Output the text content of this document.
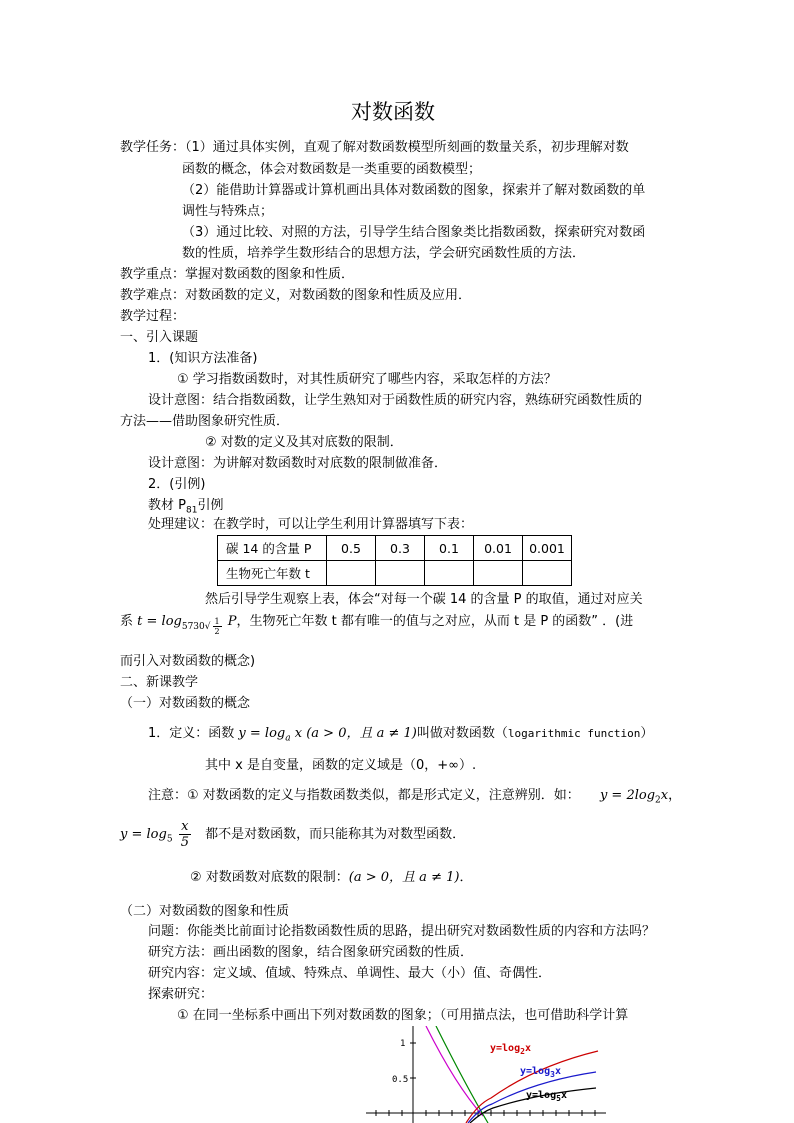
对数函数
教学任务：（1）通过具体实例，直观了解对数函数模型所刻画的数量关系，初步理解对数
函数的概念，体会对数函数是一类重要的函数模型；
（2）能借助计算器或计算机画出具体对数函数的图象，探索并了解对数函数的单
调性与特殊点；
（3）通过比较、对照的方法，引导学生结合图象类比指数函数，探索研究对数函
数的性质，培养学生数形结合的思想方法，学会研究函数性质的方法．
教学重点：掌握对数函数的图象和性质．
教学难点：对数函数的定义，对数函数的图象和性质及应用．
教学过程：
一、引入课题
1．(知识方法准备)
① 学习指数函数时，对其性质研究了哪些内容，采取怎样的方法？
设计意图：结合指数函数，让学生熟知对于函数性质的研究内容，熟练研究函数性质的
方法——借助图象研究性质．
② 对数的定义及其对底数的限制．
设计意图：为讲解对数函数时对底数的限制做准备．
2．(引例)
教材 $P_{81}$引例
处理建议：在教学时，可以让学生利用计算器填写下表：
碳 14 的含量 P	0.5	0.3	0.1	0.01	0.001
生物死亡年数 t					
然后引导学生观察上表，体会“对每一个碳 14 的含量 P 的取值，通过对应关
系 $t = \log_{5730√ \frac{1}{2}} P$，生物死亡年数 t 都有唯一的值与之对应，从而 t 是 P 的函数” ．(进
而引入对数函数的概念)
二、新课教学
（一）对数函数的概念
1．定义：函数 $y = \log_a x$ (a > 0，且 a ≠ 1)叫做对数函数（logarithmic function）
其中 x 是自变量，函数的定义域是（0，+∞）.
注意：① 对数函数的定义与指数函数类似，都是形式定义，注意辨别．如： $y = 2\log_2x$，
$y = \log_5 \frac{x}{5}$ 都不是对数函数，而只能称其为对数型函数．
② 对数函数对底数的限制：(a > 0，且 a ≠ 1)．
（二）对数函数的图象和性质
问题：你能类比前面讨论指数函数性质的思路，提出研究对数函数性质的内容和方法吗？
研究方法：画出函数的图象，结合图象研究函数的性质．
研究内容：定义域、值域、特殊点、单调性、最大（小）值、奇偶性．
探索研究：
① 在同一坐标系中画出下列对数函数的图象；（可用描点法，也可借助科学计算
1
0.5
$y=\log_2x$
$y=\log_3x$
$y=\log_5x$
